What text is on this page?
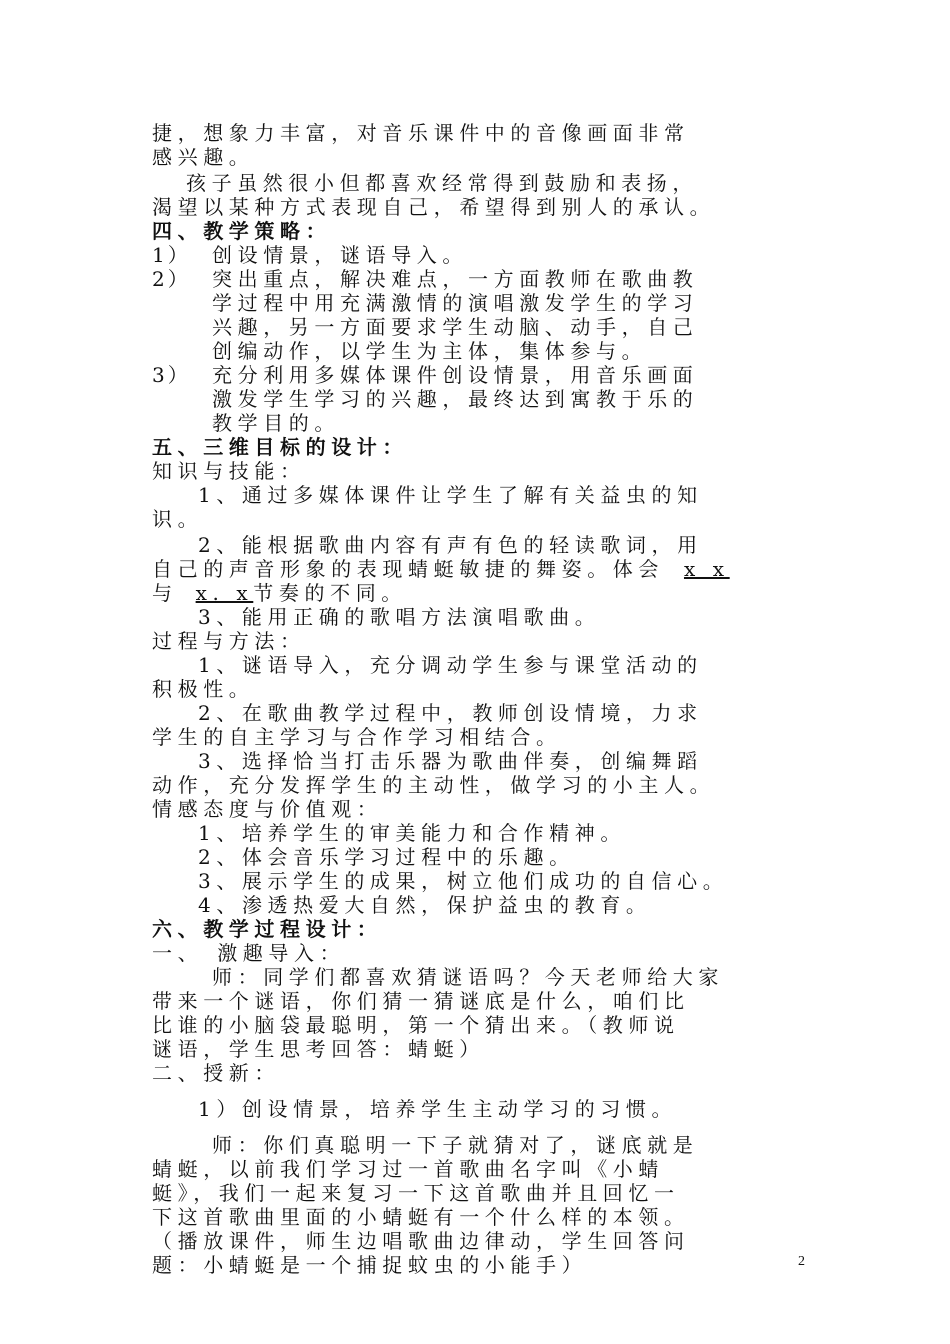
捷，想象力丰富，对音乐课件中的音像画面非常
感兴趣。
孩子虽然很小但都喜欢经常得到鼓励和表扬，
渴望以某种方式表现自己，希望得到别人的承认。
四、教学策略：
1） 创设情景，谜语导入。
2） 突出重点，解决难点，一方面教师在歌曲教
学过程中用充满激情的演唱激发学生的学习
兴趣，另一方面要求学生动脑、动手，自己
创编动作，以学生为主体，集体参与。
3） 充分利用多媒体课件创设情景，用音乐画面
激发学生学习的兴趣，最终达到寓教于乐的
教学目的。
五、三维目标的设计：
知识与技能：
1、通过多媒体课件让学生了解有关益虫的知
识。
2、能根据歌曲内容有声有色的轻读歌词，用
自己的声音形象的表现蜻蜓敏捷的舞姿。体会 x x
与 x. x节奏的不同。
3、能用正确的歌唱方法演唱歌曲。
过程与方法：
1、谜语导入，充分调动学生参与课堂活动的
积极性。
2、在歌曲教学过程中，教师创设情境，力求
学生的自主学习与合作学习相结合。
3、选择恰当打击乐器为歌曲伴奏，创编舞蹈
动作，充分发挥学生的主动性，做学习的小主人。
情感态度与价值观：
1、培养学生的审美能力和合作精神。
2、体会音乐学习过程中的乐趣。
3、展示学生的成果，树立他们成功的自信心。
4、渗透热爱大自然，保护益虫的教育。
六、教学过程设计：
一、 激趣导入：
师：同学们都喜欢猜谜语吗？今天老师给大家
带来一个谜语，你们猜一猜谜底是什么，咱们比
比谁的小脑袋最聪明，第一个猜出来。（教师说
谜语，学生思考回答：蜻蜓）
二、授新：
1）创设情景，培养学生主动学习的习惯。
师：你们真聪明一下子就猜对了，谜底就是
蜻蜓，以前我们学习过一首歌曲名字叫《小蜻
蜓》，我们一起来复习一下这首歌曲并且回忆一
下这首歌曲里面的小蜻蜓有一个什么样的本领。
（播放课件，师生边唱歌曲边律动，学生回答问
题：小蜻蜓是一个捕捉蚊虫的小能手）	2
